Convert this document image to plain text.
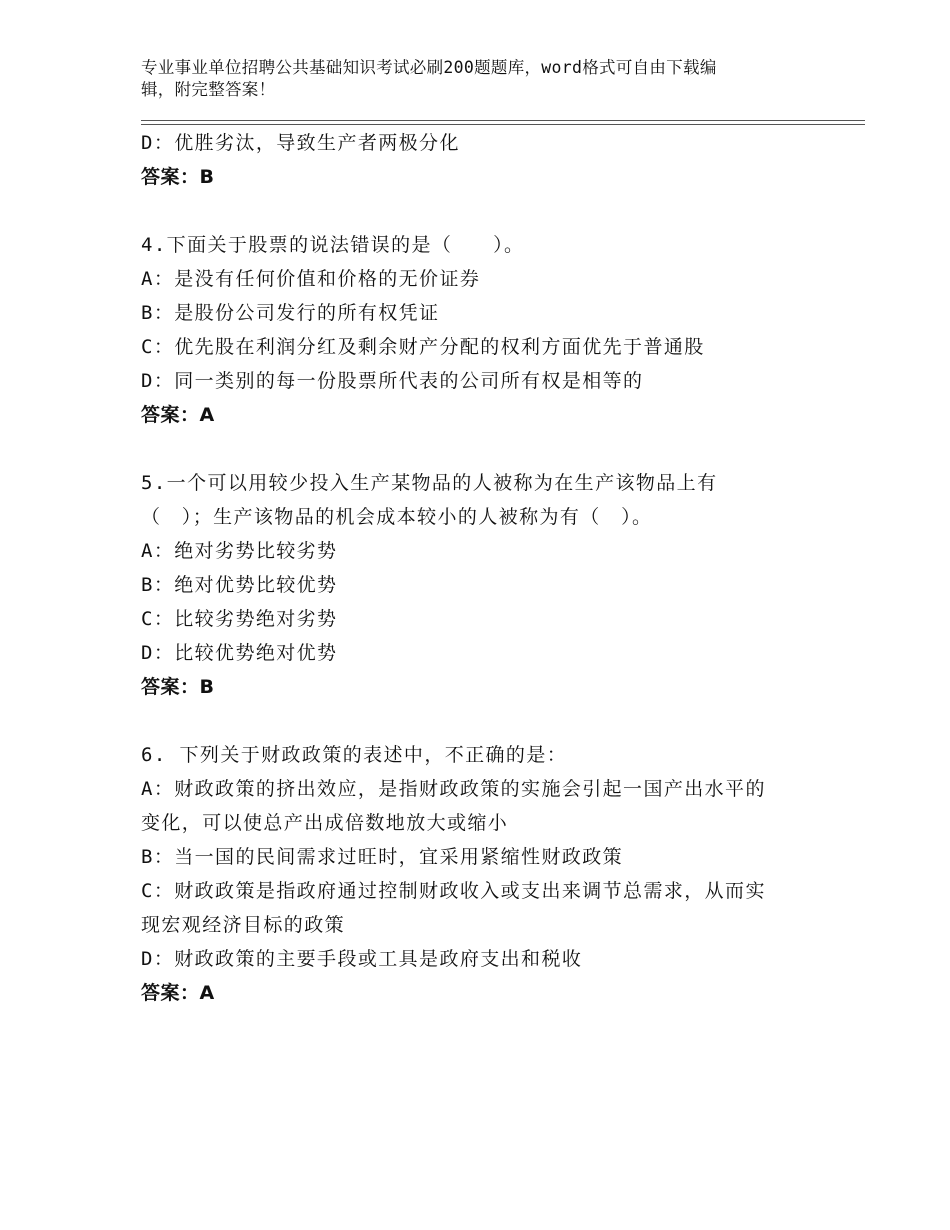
专业事业单位招聘公共基础知识考试必刷200题题库，word格式可自由下载编
辑，附完整答案！
D：优胜劣汰，导致生产者两极分化
答案：B
4.下面关于股票的说法错误的是（　　）。
A：是没有任何价值和价格的无价证券
B：是股份公司发行的所有权凭证
C：优先股在利润分红及剩余财产分配的权利方面优先于普通股
D：同一类别的每一份股票所代表的公司所有权是相等的
答案：A
5.一个可以用较少投入生产某物品的人被称为在生产该物品上有
（　）；生产该物品的机会成本较小的人被称为有（　）。
A：绝对劣势比较劣势
B：绝对优势比较优势
C：比较劣势绝对劣势
D：比较优势绝对优势
答案：B
6. 下列关于财政政策的表述中，不正确的是：
A：财政政策的挤出效应，是指财政政策的实施会引起一国产出水平的
变化，可以使总产出成倍数地放大或缩小
B：当一国的民间需求过旺时，宜采用紧缩性财政政策
C：财政政策是指政府通过控制财政收入或支出来调节总需求，从而实
现宏观经济目标的政策
D：财政政策的主要手段或工具是政府支出和税收
答案：A
